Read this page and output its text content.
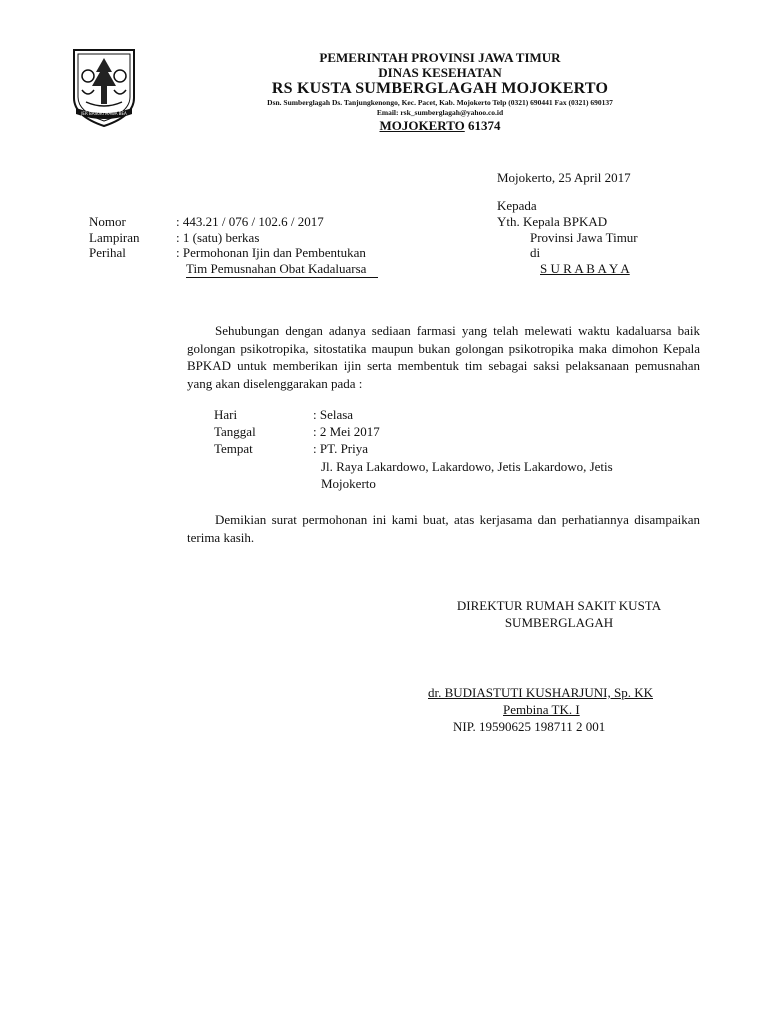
JER BASUKI MAWA BEA
PEMERINTAH PROVINSI JAWA TIMUR
DINAS KESEHATAN
RS KUSTA SUMBERGLAGAH MOJOKERTO
Dsn. Sumberglagah Ds. Tanjungkenongo, Kec. Pacet, Kab. Mojokerto Telp (0321) 690441 Fax (0321) 690137
Email: rsk_sumberglagah@yahoo.co.id
MOJOKERTO 61374
Mojokerto, 25 April 2017
Kepada
Yth. Kepala BPKAD
Provinsi Jawa Timur
di
S U R A B A Y A
Nomor	: 443.21 / 076 / 102.6 / 2017
Lampiran	: 1 (satu) berkas
Perihal	: Permohonan Ijin dan Pembentukan
Tim Pemusnahan Obat Kadaluarsa
Sehubungan dengan adanya sediaan farmasi yang telah melewati waktu kadaluarsa baik golongan psikotropika, sitostatika maupun bukan golongan psikotropika maka dimohon Kepala BPKAD untuk memberikan ijin serta membentuk tim sebagai saksi pelaksanaan pemusnahan yang akan diselenggarakan pada :
Hari	: Selasa
Tanggal	: 2 Mei 2017
Tempat	: PT. Priya
Jl. Raya Lakardowo, Lakardowo, Jetis Lakardowo, Jetis
Mojokerto
Demikian surat permohonan ini kami buat, atas kerjasama dan perhatiannya disampaikan terima kasih.
DIREKTUR RUMAH SAKIT KUSTA
SUMBERGLAGAH
dr. BUDIASTUTI KUSHARJUNI, Sp. KK
Pembina TK. I
NIP. 19590625 198711 2 001
